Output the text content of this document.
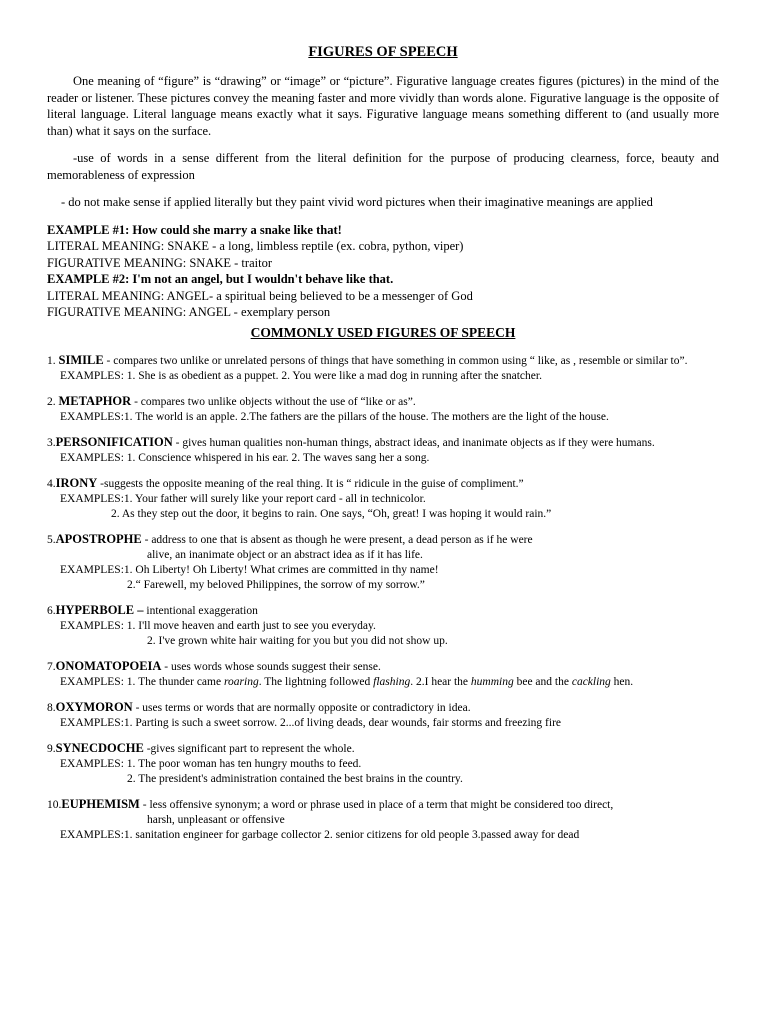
FIGURES OF SPEECH

One meaning of “figure” is “drawing” or “image” or “picture”. Figurative language creates figures (pictures) in the mind of the reader or listener. These pictures convey the meaning faster and more vividly than words alone. Figurative language is the opposite of literal language. Literal language means exactly what it says. Figurative language means something different to (and usually more than) what it says on the surface.

-use of words in a sense different from the literal definition for the purpose of producing clearness, force, beauty and memorableness of expression

- do not make sense if applied literally but they paint vivid word pictures when their imaginative meanings are applied

EXAMPLE #1: How could she marry a snake like that!

LITERAL MEANING: SNAKE - a long, limbless reptile (ex. cobra, python, viper)

FIGURATIVE MEANING: SNAKE - traitor

EXAMPLE #2: I'm not an angel, but I wouldn't behave like that.

LITERAL MEANING: ANGEL- a spiritual being believed to be a messenger of God

FIGURATIVE MEANING: ANGEL - exemplary person

COMMONLY USED FIGURES OF SPEECH
1. SIMILE - compares two unlike or unrelated persons of things that have something in common using “ like, as , resemble or similar to”.
EXAMPLES: 1. She is as obedient as a puppet. 2. You were like a mad dog in running after the snatcher.
2. METAPHOR - compares two unlike objects without the use of “like or as”.
EXAMPLES:1. The world is an apple. 2.The fathers are the pillars of the house. The mothers are the light of the house.
3.PERSONIFICATION - gives human qualities non-human things, abstract ideas, and inanimate objects as if they were humans.
EXAMPLES: 1. Conscience whispered in his ear. 2. The waves sang her a song.
4.IRONY -suggests the opposite meaning of the real thing. It is “ ridicule in the guise of compliment.”
EXAMPLES:1. Your father will surely like your report card - all in technicolor.
2. As they step out the door, it begins to rain. One says, “Oh, great! I was hoping it would rain.”
5.APOSTROPHE - address to one that is absent as though he were present, a dead person as if he were
alive, an inanimate object or an abstract idea as if it has life.
EXAMPLES:1. Oh Liberty! Oh Liberty! What crimes are committed in thy name!
2.“ Farewell, my beloved Philippines, the sorrow of my sorrow.”
6.HYPERBOLE – intentional exaggeration
EXAMPLES: 1. I'll move heaven and earth just to see you everyday.
2. I've grown white hair waiting for you but you did not show up.
7.ONOMATOPOEIA - uses words whose sounds suggest their sense.
EXAMPLES: 1. The thunder came roaring. The lightning followed flashing. 2.I hear the humming bee and the cackling hen.
8.OXYMORON - uses terms or words that are normally opposite or contradictory in idea.
EXAMPLES:1. Parting is such a sweet sorrow. 2...of living deads, dear wounds, fair storms and freezing fire
9.SYNECDOCHE -gives significant part to represent the whole.
EXAMPLES: 1. The poor woman has ten hungry mouths to feed.
2. The president's administration contained the best brains in the country.
10.EUPHEMISM - less offensive synonym; a word or phrase used in place of a term that might be considered too direct,
harsh, unpleasant or offensive
EXAMPLES:1. sanitation engineer for garbage collector 2. senior citizens for old people 3.passed away for dead
